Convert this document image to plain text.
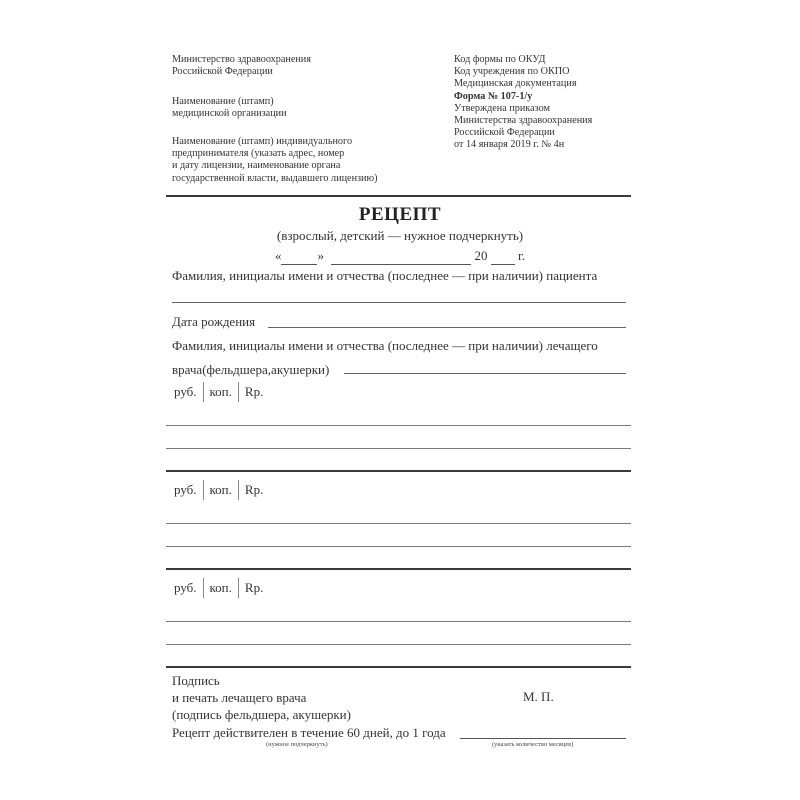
Министерство здравоохранения
Российской Федерации
Наименование (штамп)
медицинской организации
Наименование (штамп) индивидуального
предпринимателя (указать адрес, номер
и дату лицензии, наименование органа
государственной власти, выдавшего лицензию)
Код формы по ОКУД
Код учреждения по ОКПО
Медицинская документация
Форма № 107-1/у
Утверждена приказом
Министерства здравоохранения
Российской Федерации
от 14 января 2019 г. № 4н
РЕЦЕПТ
(взрослый, детский — нужное подчеркнуть)
«	»	20 г.
Фамилия, инициалы имени и отчества (последнее — при наличии) пациента
Дата рождения
Фамилия, инициалы имени и отчества (последнее — при наличии) лечащего
врача(фельдшера,акушерки)
руб. коп. Rp.
руб. коп. Rp.
руб. коп. Rp.
Подпись
и печать лечащего врача
(подпись фельдшера, акушерки)
М. П.
Рецепт действителен в течение 60 дней, до 1 года
(нужное подчеркнуть)	(указать количество месяцев)
